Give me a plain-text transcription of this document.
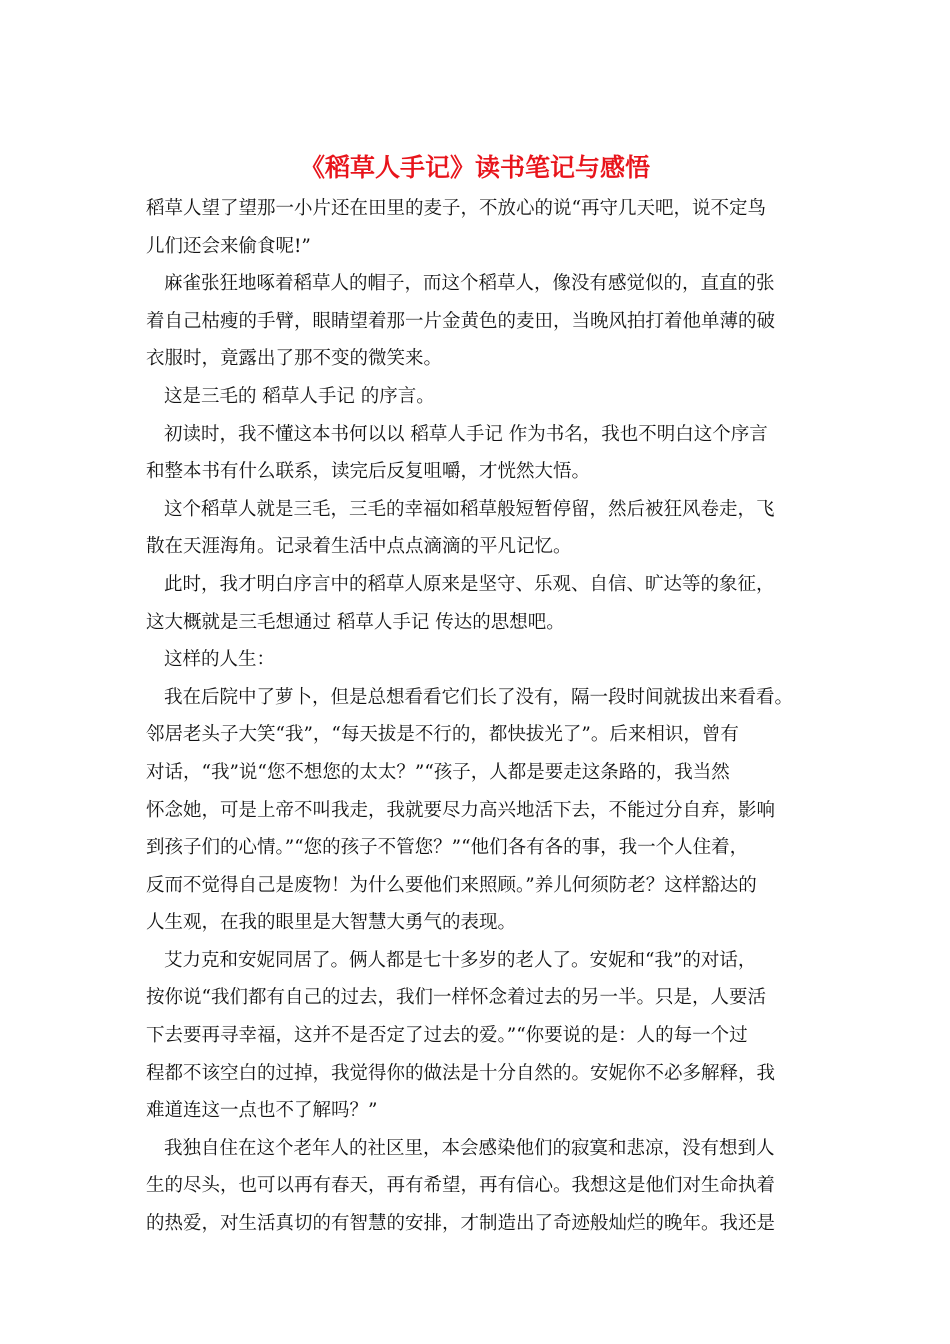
《稻草人手记》读书笔记与感悟
稻草人望了望那一小片还在田里的麦子，不放心的说“再守几天吧，说不定鸟
儿们还会来偷食呢!”
麻雀张狂地啄着稻草人的帽子，而这个稻草人，像没有感觉似的，直直的张
着自己枯瘦的手臂，眼睛望着那一片金黄色的麦田，当晚风拍打着他单薄的破
衣服时，竟露出了那不变的微笑来。
这是三毛的 稻草人手记 的序言。
初读时，我不懂这本书何以以 稻草人手记 作为书名，我也不明白这个序言
和整本书有什么联系，读完后反复咀嚼，才恍然大悟。
这个稻草人就是三毛，三毛的幸福如稻草般短暂停留，然后被狂风卷走，飞
散在天涯海角。记录着生活中点点滴滴的平凡记忆。
此时，我才明白序言中的稻草人原来是坚守、乐观、自信、旷达等的象征，
这大概就是三毛想通过 稻草人手记 传达的思想吧。
这样的人生：
我在后院中了萝卜，但是总想看看它们长了没有，隔一段时间就拔出来看看。
邻居老头子大笑“我”，“每天拔是不行的，都快拔光了”。后来相识，曾有
对话，“我”说“您不想您的太太？”“孩子，人都是要走这条路的，我当然
怀念她，可是上帝不叫我走，我就要尽力高兴地活下去，不能过分自弃，影响
到孩子们的心情。”“您的孩子不管您？”“他们各有各的事，我一个人住着，
反而不觉得自己是废物！为什么要他们来照顾。”养儿何须防老？这样豁达的
人生观，在我的眼里是大智慧大勇气的表现。
艾力克和安妮同居了。俩人都是七十多岁的老人了。安妮和“我”的对话，
按你说“我们都有自己的过去，我们一样怀念着过去的另一半。只是，人要活
下去要再寻幸福，这并不是否定了过去的爱。”“你要说的是：人的每一个过
程都不该空白的过掉，我觉得你的做法是十分自然的。安妮你不必多解释，我
难道连这一点也不了解吗？”
我独自住在这个老年人的社区里，本会感染他们的寂寞和悲凉，没有想到人
生的尽头，也可以再有春天，再有希望，再有信心。我想这是他们对生命执着
的热爱，对生活真切的有智慧的安排，才制造出了奇迹般灿烂的晚年。我还是
